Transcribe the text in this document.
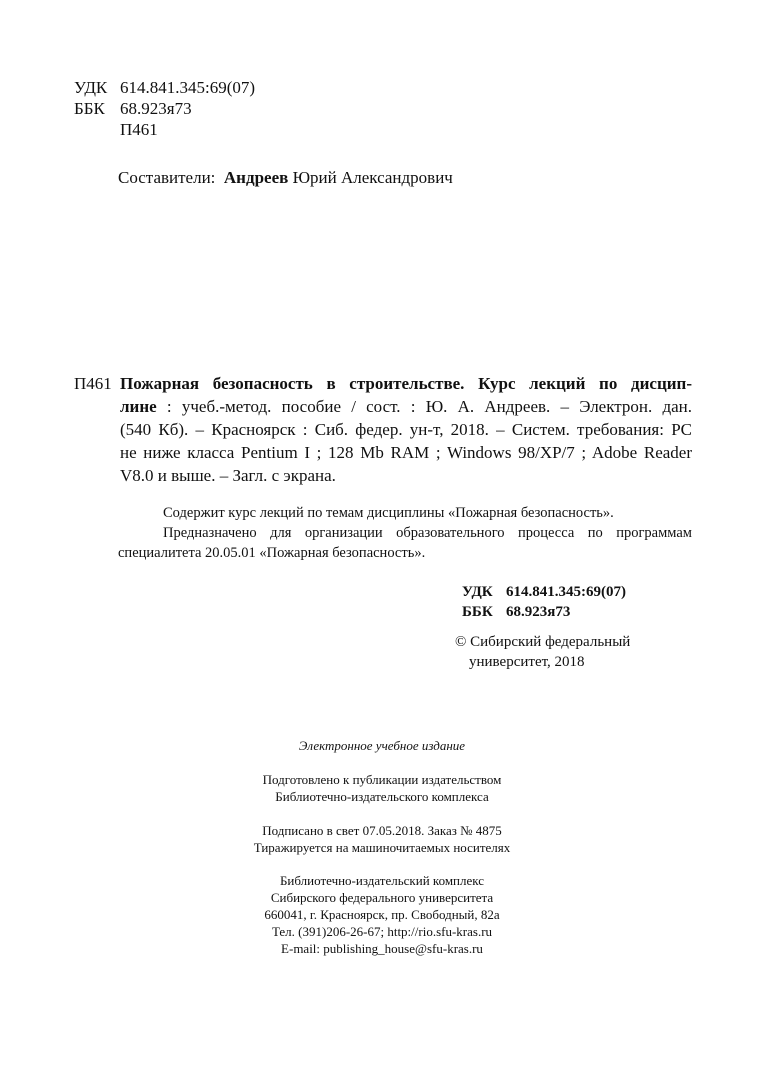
УДК 614.841.345:69(07)
ББК 68.923я73
П461
Составители: Андреев Юрий Александрович
П461 Пожарная безопасность в строительстве. Курс лекций по дисцип-
лине : учеб.-метод. пособие / сост. : Ю. А. Андреев. – Электрон. дан.
(540 Кб). – Красноярск : Сиб. федер. ун-т, 2018. – Систем. требования: PC
не ниже класса Pentium I ; 128 Mb RAM ; Windows 98/XP/7 ; Adobe Reader
V8.0 и выше. – Загл. с экрана.

Содержит курс лекций по темам дисциплины «Пожарная безопасность».

Предназначено для организации образовательного процесса по программам

специалитета 20.05.01 «Пожарная безопасность».

УДК 614.841.345:69(07)
ББК 68.923я73
© Сибирский федеральный
университет, 2018
Электронное учебное издание
Подготовлено к публикации издательством
Библиотечно-издательского комплекса
Подписано в свет 07.05.2018. Заказ № 4875
Тиражируется на машиночитаемых носителях
Библиотечно-издательский комплекс
Сибирского федерального университета
660041, г. Красноярск, пр. Свободный, 82а
Тел. (391)206-26-67; http://rio.sfu-kras.ru
E-mail: publishing_house@sfu-kras.ru
